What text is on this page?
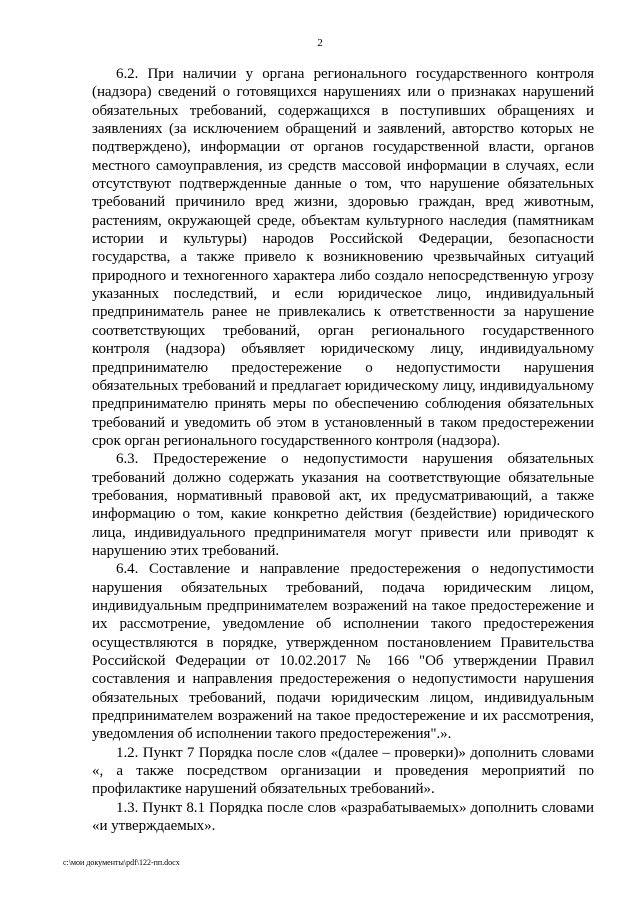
2

6.2. При наличии у органа регионального государственного контроля (надзора) сведений о готовящихся нарушениях или о признаках нарушений обязательных требований, содержащихся в поступивших обращениях и заявлениях (за исключением обращений и заявлений, авторство которых не подтверждено), информации от органов государственной власти, органов местного самоуправления, из средств массовой информации в случаях, если отсутствуют подтвержденные данные о том, что нарушение обязательных требований причинило вред жизни, здоровью граждан, вред животным, растениям, окружающей среде, объектам культурного наследия (памятникам истории и культуры) народов Российской Федерации, безопасности государства, а также привело к возникновению чрезвычайных ситуаций природного и техногенного характера либо создало непосредственную угрозу указанных последствий, и если юридическое лицо, индивидуальный предприниматель ранее не привлекались к ответственности за нарушение соответствующих требований, орган регионального государственного контроля (надзора) объявляет юридическому лицу, индивидуальному предпринимателю предостережение о недопустимости нарушения обязательных требований и предлагает юридическому лицу, индивидуальному предпринимателю принять меры по обеспечению соблюдения обязательных требований и уведомить об этом в установленный в таком предостережении срок орган регионального государственного контроля (надзора).

6.3. Предостережение о недопустимости нарушения обязательных требований должно содержать указания на соответствующие обязательные требования, нормативный правовой акт, их предусматривающий, а также информацию о том, какие конкретно действия (бездействие) юридического лица, индивидуального предпринимателя могут привести или приводят к нарушению этих требований.

6.4. Составление и направление предостережения о недопустимости нарушения обязательных требований, подача юридическим лицом, индивидуальным предпринимателем возражений на такое предостережение и их рассмотрение, уведомление об исполнении такого предостережения осуществляются в порядке, утвержденном постановлением Правительства Российской Федерации от 10.02.2017 № 166 "Об утверждении Правил составления и направления предостережения о недопустимости нарушения обязательных требований, подачи юридическим лицом, индивидуальным предпринимателем возражений на такое предостережение и их рассмотрения, уведомления об исполнении такого предостережения".».

1.2. Пункт 7 Порядка после слов «(далее – проверки)» дополнить словами «, а также посредством организации и проведения мероприятий по профилактике нарушений обязательных требований».

1.3. Пункт 8.1 Порядка после слов «разрабатываемых» дополнить словами «и утверждаемых».

c:\мои документы\pdf\122-пп.docx
